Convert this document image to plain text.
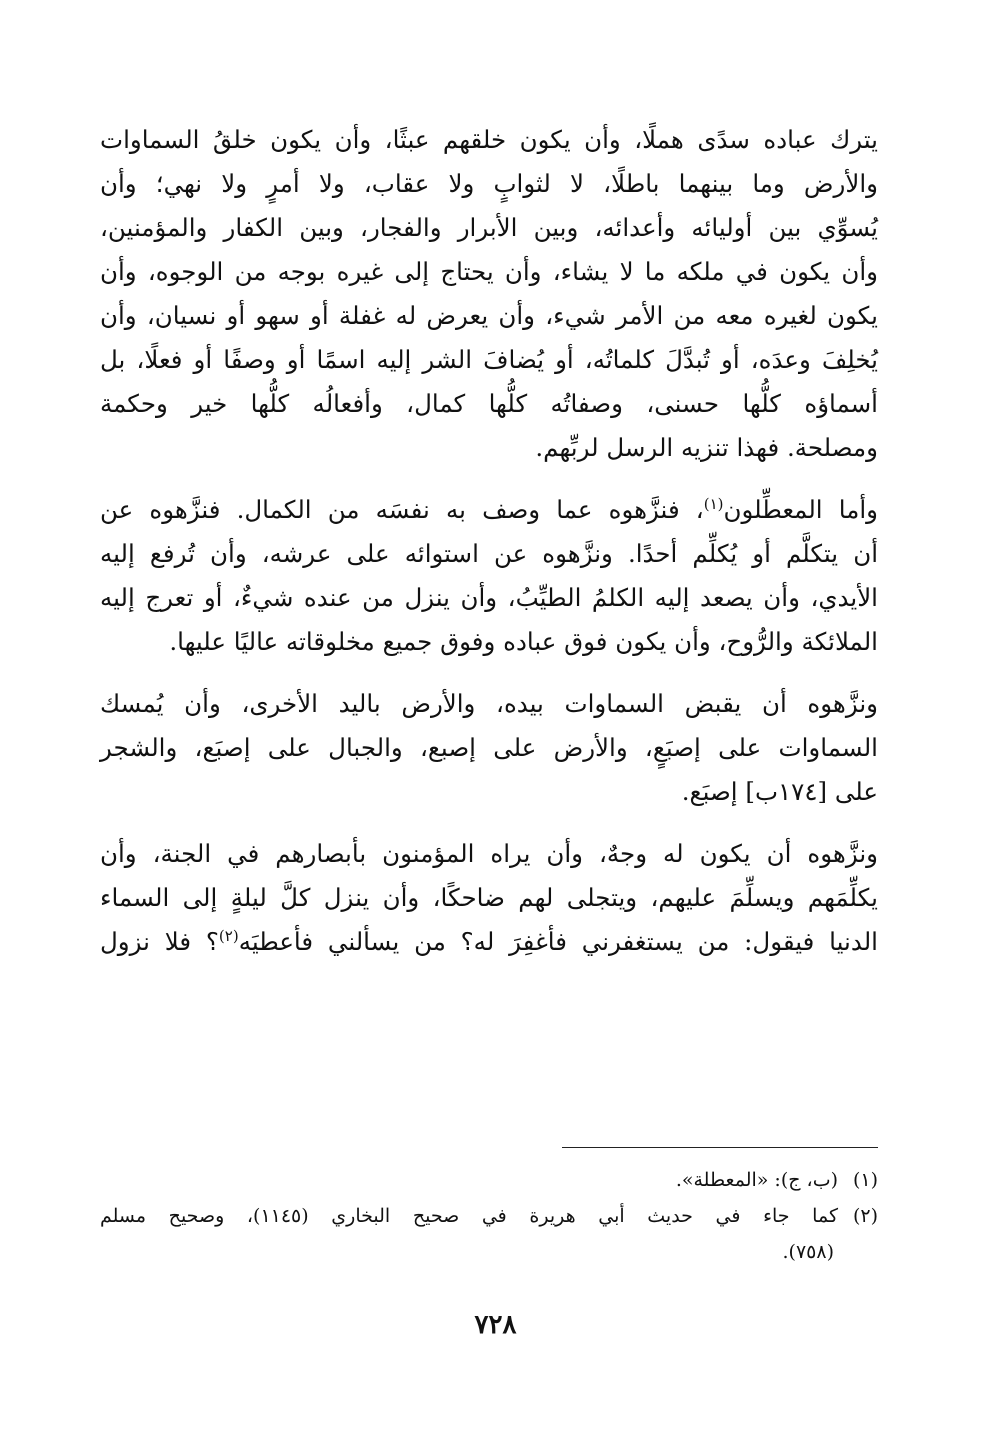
يترك عباده سدًى هملًا، وأن يكون خلقهم عبثًا، وأن يكون خلقُ السماوات
والأرض وما بينهما باطلًا، لا لثوابٍ ولا عقاب، ولا أمرٍ ولا نهي؛ وأن
يُسوِّي بين أوليائه وأعدائه، وبين الأبرار والفجار، وبين الكفار والمؤمنين،
وأن يكون في ملكه ما لا يشاء، وأن يحتاج إلى غيره بوجه من الوجوه، وأن
يكون لغيره معه من الأمر شيء، وأن يعرض له غفلة أو سهو أو نسيان، وأن
يُخلِفَ وعدَه، أو تُبدَّلَ كلماتُه، أو يُضافَ الشر إليه اسمًا أو وصفًا أو فعلًا، بل
أسماؤه كلُّها حسنى، وصفاتُه كلُّها كمال، وأفعالُه كلُّها خير وحكمة
ومصلحة. فهذا تنزيه الرسل لربِّهم.
وأما المعطِّلون$^{(١)}$، فنزَّهوه عما وصف به نفسَه من الكمال. فنزَّهوه عن
أن يتكلَّم أو يُكلِّم أحدًا. ونزَّهوه عن استوائه على عرشه، وأن تُرفع إليه
الأيدي، وأن يصعد إليه الكلمُ الطيِّبُ، وأن ينزل من عنده شيءٌ، أو تعرج إليه
الملائكة والرُّوح، وأن يكون فوق عباده وفوق جميع مخلوقاته عاليًا عليها.
ونزَّهوه أن يقبض السماوات بيده، والأرض باليد الأخرى، وأن يُمسك
السماوات على إصبَعٍ، والأرض على إصبع، والجبال على إصبَع، والشجر
على [١٧٤ب] إصبَع.
ونزَّهوه أن يكون له وجهٌ، وأن يراه المؤمنون بأبصارهم في الجنة، وأن
يكلِّمَهم ويسلِّمَ عليهم، ويتجلى لهم ضاحكًا، وأن ينزل كلَّ ليلةٍ إلى السماء
الدنيا فيقول: من يستغفرني فأغفِرَ له؟ من يسألني فأعطيَه$^{(٢)}$؟ فلا نزول
(١)(ب، ج): «المعطلة».
(٢)كما جاء في حديث أبي هريرة في صحيح البخاري (١١٤٥)، وصحيح مسلم
(٧٥٨).
٧٢٨
